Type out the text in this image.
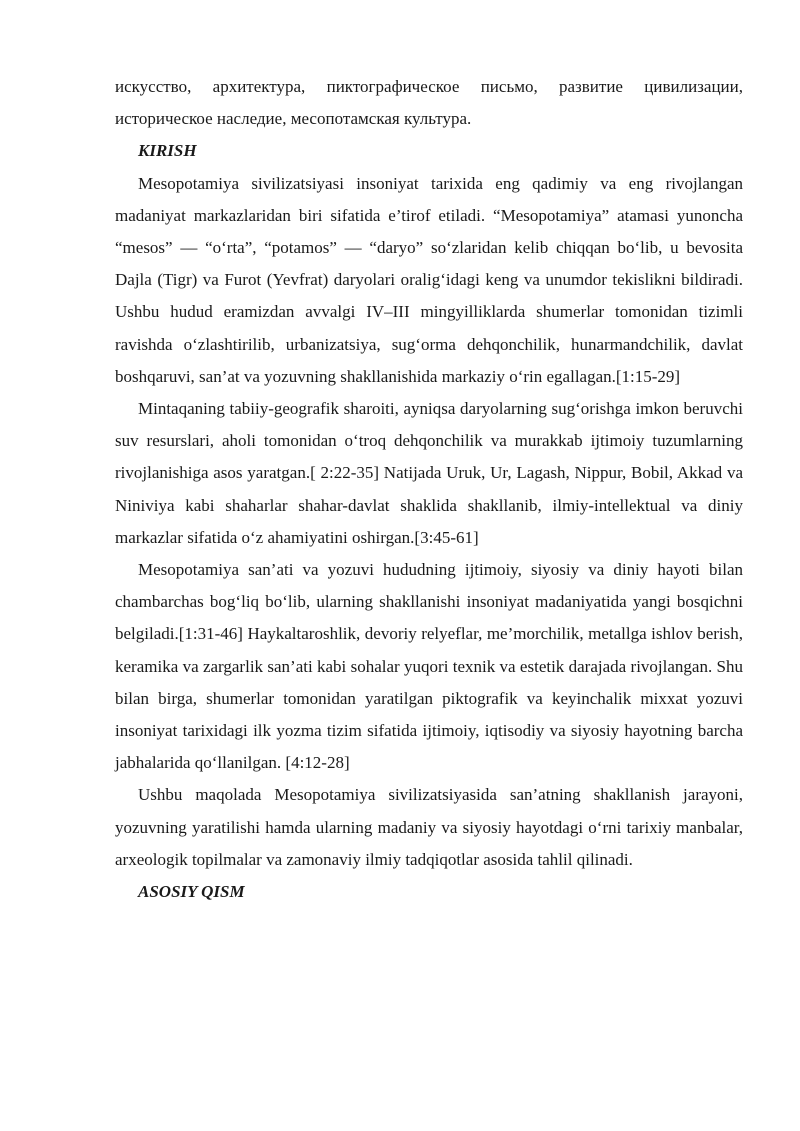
искусство, архитектура, пиктографическое письмо, развитие цивилизации, историческое наследие, месопотамская культура.

KIRISH

Mesopotamiya sivilizatsiyasi insoniyat tarixida eng qadimiy va eng rivojlangan madaniyat markazlaridan biri sifatida e’tirof etiladi. “Mesopotamiya” atamasi yunoncha “mesos” — “o‘rta”, “potamos” — “daryo” so‘zlaridan kelib chiqqan bo‘lib, u bevosita Dajla (Tigr) va Furot (Yevfrat) daryolari oralig‘idagi keng va unumdor tekislikni bildiradi. Ushbu hudud eramizdan avvalgi IV–III mingyilliklarda shumerlar tomonidan tizimli ravishda o‘zlashtirilib, urbanizatsiya, sug‘orma dehqonchilik, hunarmandchilik, davlat boshqaruvi, san’at va yozuvning shakllanishida markaziy o‘rin egallagan.[1:15-29]

Mintaqaning tabiiy-geografik sharoiti, ayniqsa daryolarning sug‘orishga imkon beruvchi suv resurslari, aholi tomonidan o‘troq dehqonchilik va murakkab ijtimoiy tuzumlarning rivojlanishiga asos yaratgan.[ 2:22-35] Natijada Uruk, Ur, Lagash, Nippur, Bobil, Akkad va Niniviya kabi shaharlar shahar-davlat shaklida shakllanib, ilmiy-intellektual va diniy markazlar sifatida o‘z ahamiyatini oshirgan.[3:45-61]

Mesopotamiya san’ati va yozuvi hududning ijtimoiy, siyosiy va diniy hayoti bilan chambarchas bog‘liq bo‘lib, ularning shakllanishi insoniyat madaniyatida yangi bosqichni belgiladi.[1:31-46] Haykaltaroshlik, devoriy relyeflar, me’morchilik, metallga ishlov berish, keramika va zargarlik san’ati kabi sohalar yuqori texnik va estetik darajada rivojlangan. Shu bilan birga, shumerlar tomonidan yaratilgan piktografik va keyinchalik mixxat yozuvi insoniyat tarixidagi ilk yozma tizim sifatida ijtimoiy, iqtisodiy va siyosiy hayotning barcha jabhalarida qo‘llanilgan. [4:12-28]

Ushbu maqolada Mesopotamiya sivilizatsiyasida san’atning shakllanish jarayoni, yozuvning yaratilishi hamda ularning madaniy va siyosiy hayotdagi o‘rni tarixiy manbalar, arxeologik topilmalar va zamonaviy ilmiy tadqiqotlar asosida tahlil qilinadi.

ASOSIY QISM
